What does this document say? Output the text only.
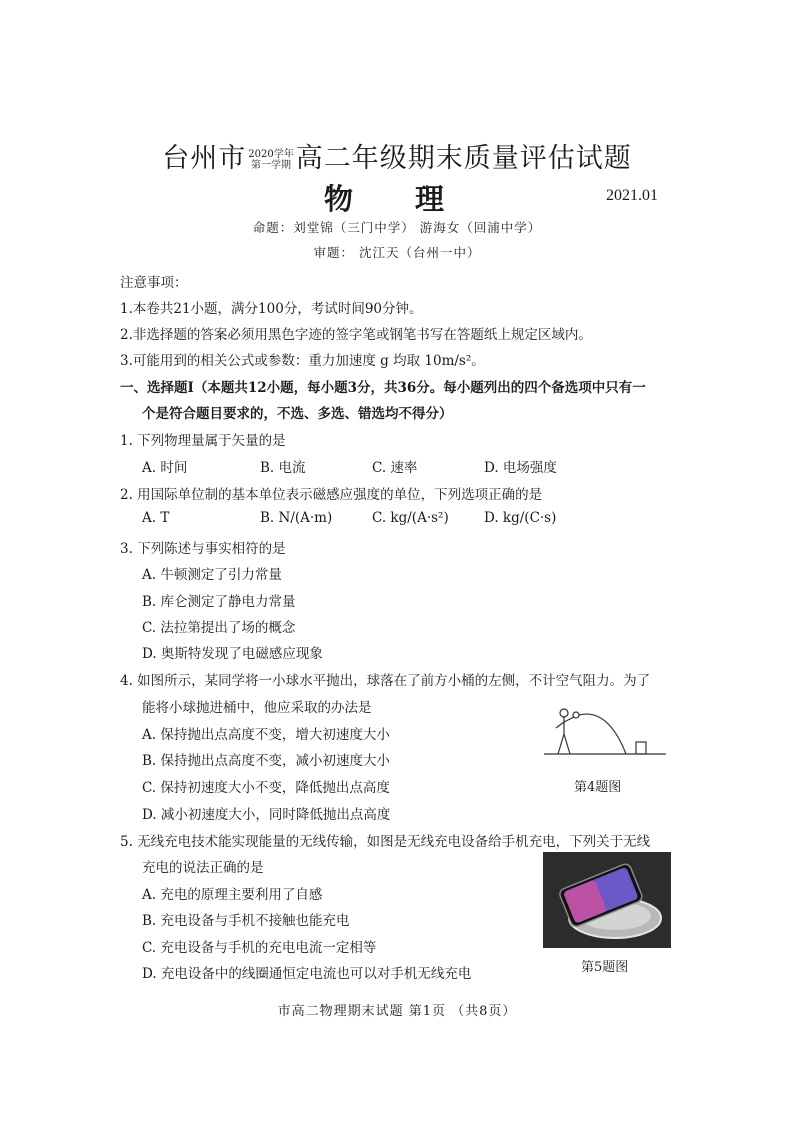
台州市 2020学年
第一学期 高二年级期末质量评估试题
物 理	2021.01
命题：刘堂锦（三门中学） 游海女（回浦中学）
审题： 沈江天（台州一中）
注意事项：
1.本卷共21小题，满分100分，考试时间90分钟。
2.非选择题的答案必须用黑色字迹的签字笔或钢笔书写在答题纸上规定区域内。
3.可能用到的相关公式或参数：重力加速度 g 均取 10m/s²。
一、选择题Ⅰ（本题共12小题，每小题3分，共36分。每小题列出的四个备选项中只有一
个是符合题目要求的，不选、多选、错选均不得分）
1. 下列物理量属于矢量的是
A. 时间	B. 电流	C. 速率	D. 电场强度
2. 用国际单位制的基本单位表示磁感应强度的单位，下列选项正确的是
A. T	B. N/(A·m)	C. kg/(A·s²)	D. kg/(C·s)
3. 下列陈述与事实相符的是
A. 牛顿测定了引力常量
B. 库仑测定了静电力常量
C. 法拉第提出了场的概念
D. 奥斯特发现了电磁感应现象
4. 如图所示，某同学将一小球水平抛出，球落在了前方小桶的左侧，不计空气阻力。为了
能将小球抛进桶中，他应采取的办法是
A. 保持抛出点高度不变，增大初速度大小
B. 保持抛出点高度不变，减小初速度大小
C. 保持初速度大小不变，降低抛出点高度
D. 减小初速度大小，同时降低抛出点高度
第4题图
5. 无线充电技术能实现能量的无线传输，如图是无线充电设备给手机充电，下列关于无线
充电的说法正确的是
A. 充电的原理主要利用了自感
B. 充电设备与手机不接触也能充电
C. 充电设备与手机的充电电流一定相等
D. 充电设备中的线圈通恒定电流也可以对手机无线充电	第5题图
市高二物理期末试题 第1页 （共8页）
